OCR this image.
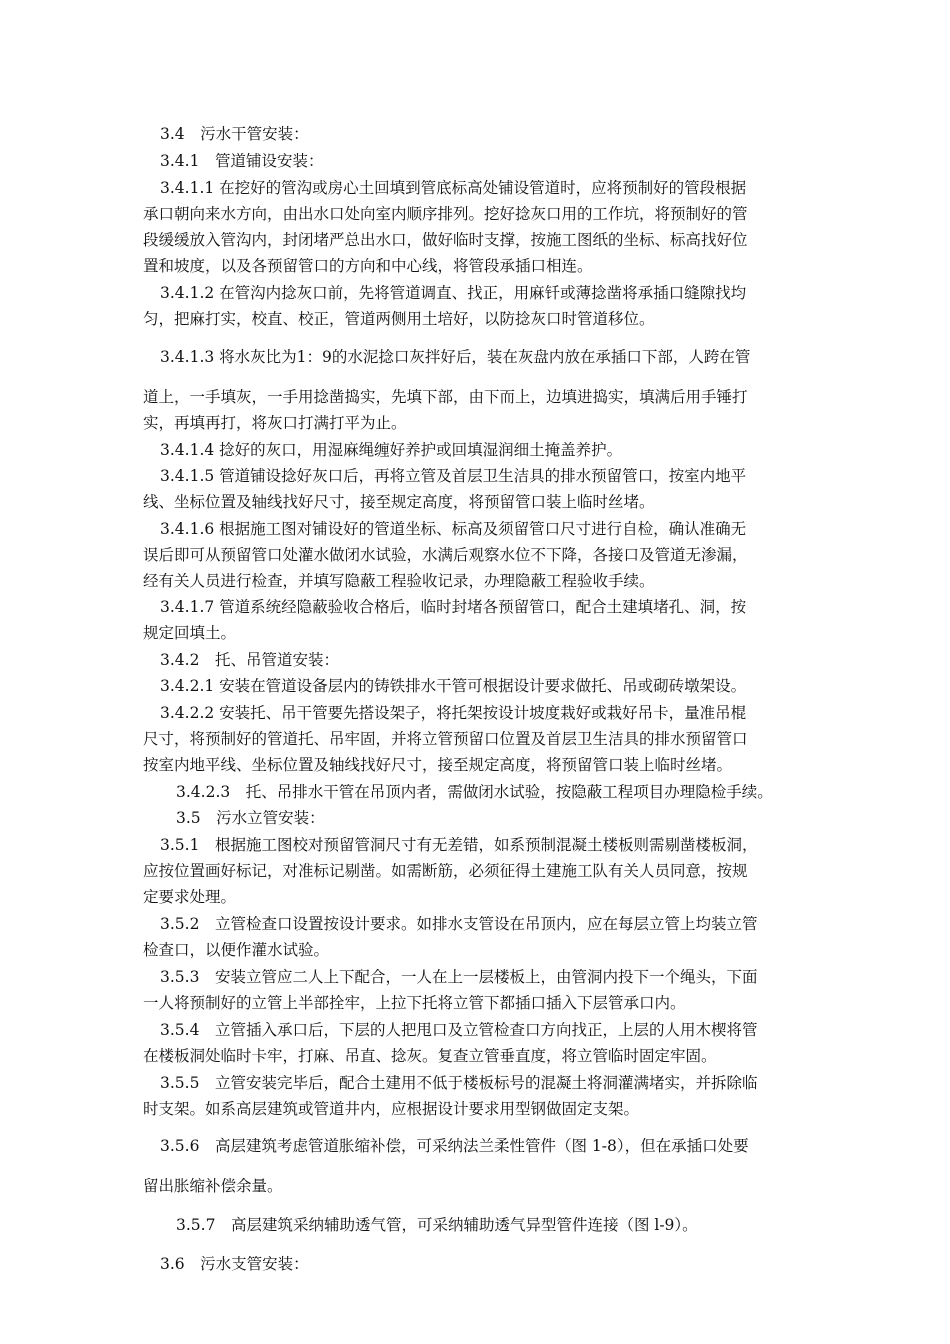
3.4　污水干管安装：
3.4.1　管道铺设安装：
3.4.1.1 在挖好的管沟或房心土回填到管底标高处铺设管道时，应将预制好的管段根据
承口朝向来水方向，由出水口处向室内顺序排列。挖好捻灰口用的工作坑，将预制好的管
段缓缓放入管沟内，封闭堵严总出水口，做好临时支撑，按施工图纸的坐标、标高找好位
置和坡度，以及各预留管口的方向和中心线，将管段承插口相连。
3.4.1.2 在管沟内捻灰口前，先将管道调直、找正，用麻钎或薄捻凿将承插口缝隙找均
匀，把麻打实，校直、校正，管道两侧用土培好，以防捻灰口时管道移位。
3.4.1.3 将水灰比为1：9的水泥捻口灰拌好后，装在灰盘内放在承插口下部，人跨在管
道上，一手填灰，一手用捻凿捣实，先填下部，由下而上，边填进捣实，填满后用手锤打
实，再填再打，将灰口打满打平为止。
3.4.1.4 捻好的灰口，用湿麻绳缠好养护或回填湿润细土掩盖养护。
3.4.1.5 管道铺设捻好灰口后，再将立管及首层卫生洁具的排水预留管口，按室内地平
线、坐标位置及轴线找好尺寸，接至规定高度，将预留管口装上临时丝堵。
3.4.1.6 根据施工图对铺设好的管道坐标、标高及须留管口尺寸进行自检，确认准确无
误后即可从预留管口处灌水做闭水试验，水满后观察水位不下降，各接口及管道无渗漏，
经有关人员进行检查，并填写隐蔽工程验收记录，办理隐蔽工程验收手续。
3.4.1.7 管道系统经隐蔽验收合格后，临时封堵各预留管口，配合土建填堵孔、洞，按
规定回填土。
3.4.2　托、吊管道安装：
3.4.2.1 安装在管道设备层内的铸铁排水干管可根据设计要求做托、吊或砌砖墩架设。
3.4.2.2 安装托、吊干管要先搭设架子，将托架按设计坡度栽好或栽好吊卡，量准吊棍
尺寸，将预制好的管道托、吊牢固，并将立管预留口位置及首层卫生洁具的排水预留管口
按室内地平线、坐标位置及轴线找好尺寸，接至规定高度，将预留管口装上临时丝堵。
3.4.2.3　托、吊排水干管在吊顶内者，需做闭水试验，按隐蔽工程项目办理隐检手续。
3.5　污水立管安装：
3.5.1　根据施工图校对预留管洞尺寸有无差错，如系预制混凝土楼板则需剔凿楼板洞，
应按位置画好标记，对准标记剔凿。如需断筋，必须征得土建施工队有关人员同意，按规
定要求处理。
3.5.2　立管检查口设置按设计要求。如排水支管设在吊顶内，应在每层立管上均装立管
检查口，以便作灌水试验。
3.5.3　安装立管应二人上下配合，一人在上一层楼板上，由管洞内投下一个绳头，下面
一人将预制好的立管上半部拴牢，上拉下托将立管下都插口插入下层管承口内。
3.5.4　立管插入承口后，下层的人把甩口及立管检查口方向找正，上层的人用木楔将管
在楼板洞处临时卡牢，打麻、吊直、捻灰。复查立管垂直度，将立管临时固定牢固。
3.5.5　立管安装完毕后，配合土建用不低于楼板标号的混凝土将洞灌满堵实，并拆除临
时支架。如系高层建筑或管道井内，应根据设计要求用型钢做固定支架。
3.5.6　高层建筑考虑管道胀缩补偿，可采纳法兰柔性管件（图 1-8），但在承插口处要
留出胀缩补偿余量。
3.5.7　高层建筑采纳辅助透气管，可采纳辅助透气异型管件连接（图 l-9）。
3.6　污水支管安装：
